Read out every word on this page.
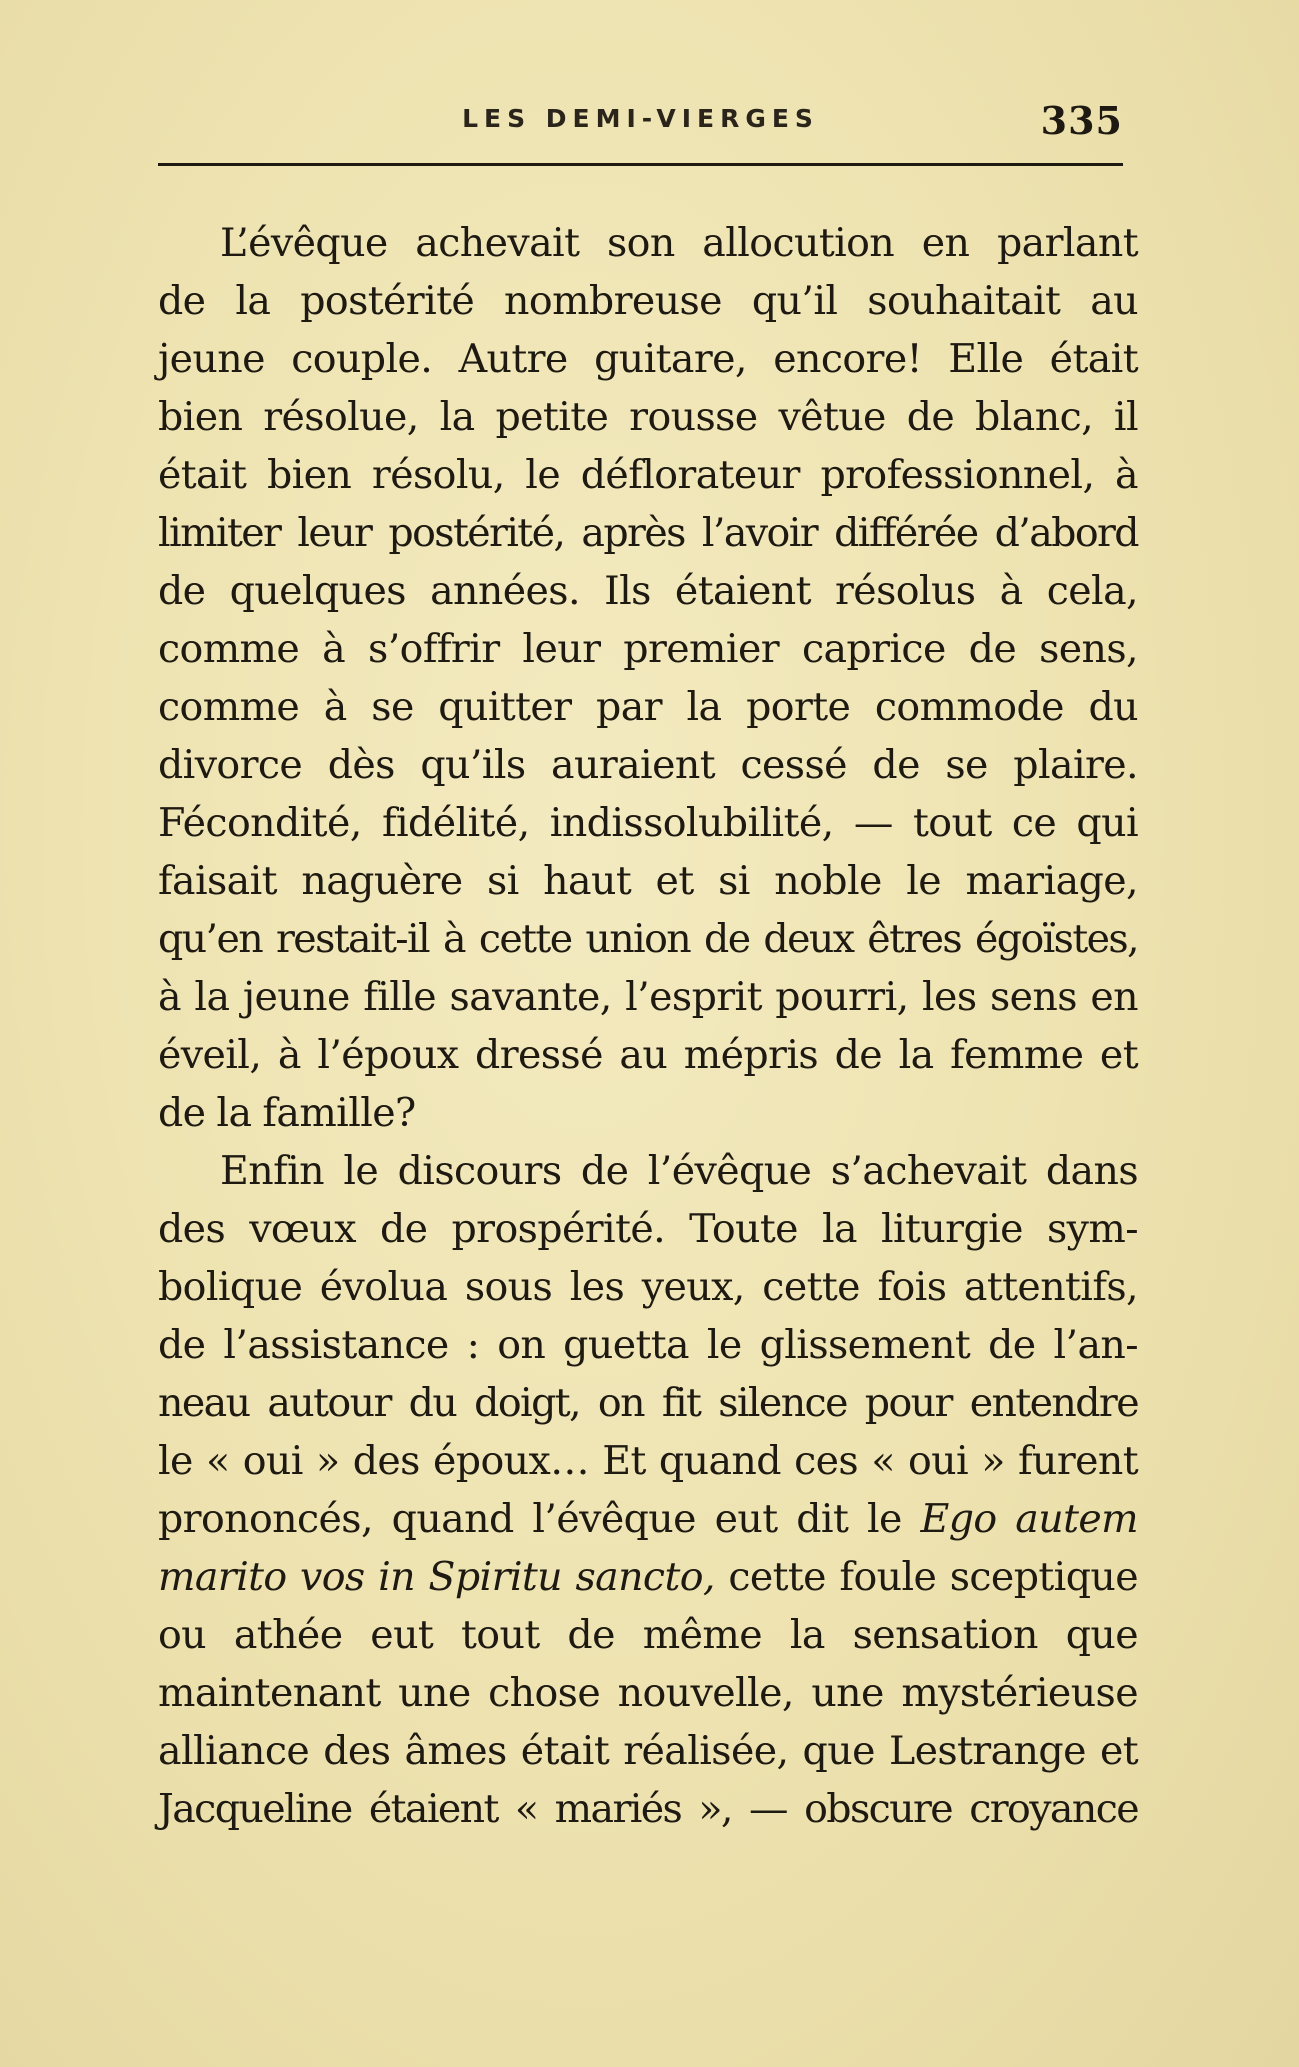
LES DEMI-VIERGES	335
L’évêque achevait son allocution en parlant
de la postérité nombreuse qu’il souhaitait au
jeune couple. Autre guitare, encore! Elle était
bien résolue, la petite rousse vêtue de blanc, il
était bien résolu, le déflorateur professionnel, à
limiter leur postérité, après l’avoir différée d’abord
de quelques années. Ils étaient résolus à cela,
comme à s’offrir leur premier caprice de sens,
comme à se quitter par la porte commode du
divorce dès qu’ils auraient cessé de se plaire.
Fécondité, fidélité, indissolubilité, — tout ce qui
faisait naguère si haut et si noble le mariage,
qu’en restait-il à cette union de deux êtres égoïstes,
à la jeune fille savante, l’esprit pourri, les sens en
éveil, à l’époux dressé au mépris de la femme et
de la famille?
Enfin le discours de l’évêque s’achevait dans
des vœux de prospérité. Toute la liturgie sym-
bolique évolua sous les yeux, cette fois attentifs,
de l’assistance : on guetta le glissement de l’an-
neau autour du doigt, on fit silence pour entendre
le « oui » des époux… Et quand ces « oui » furent
prononcés, quand l’évêque eut dit le Ego autem
marito vos in Spiritu sancto, cette foule sceptique
ou athée eut tout de même la sensation que
maintenant une chose nouvelle, une mystérieuse
alliance des âmes était réalisée, que Lestrange et
Jacqueline étaient « mariés », — obscure croyance
